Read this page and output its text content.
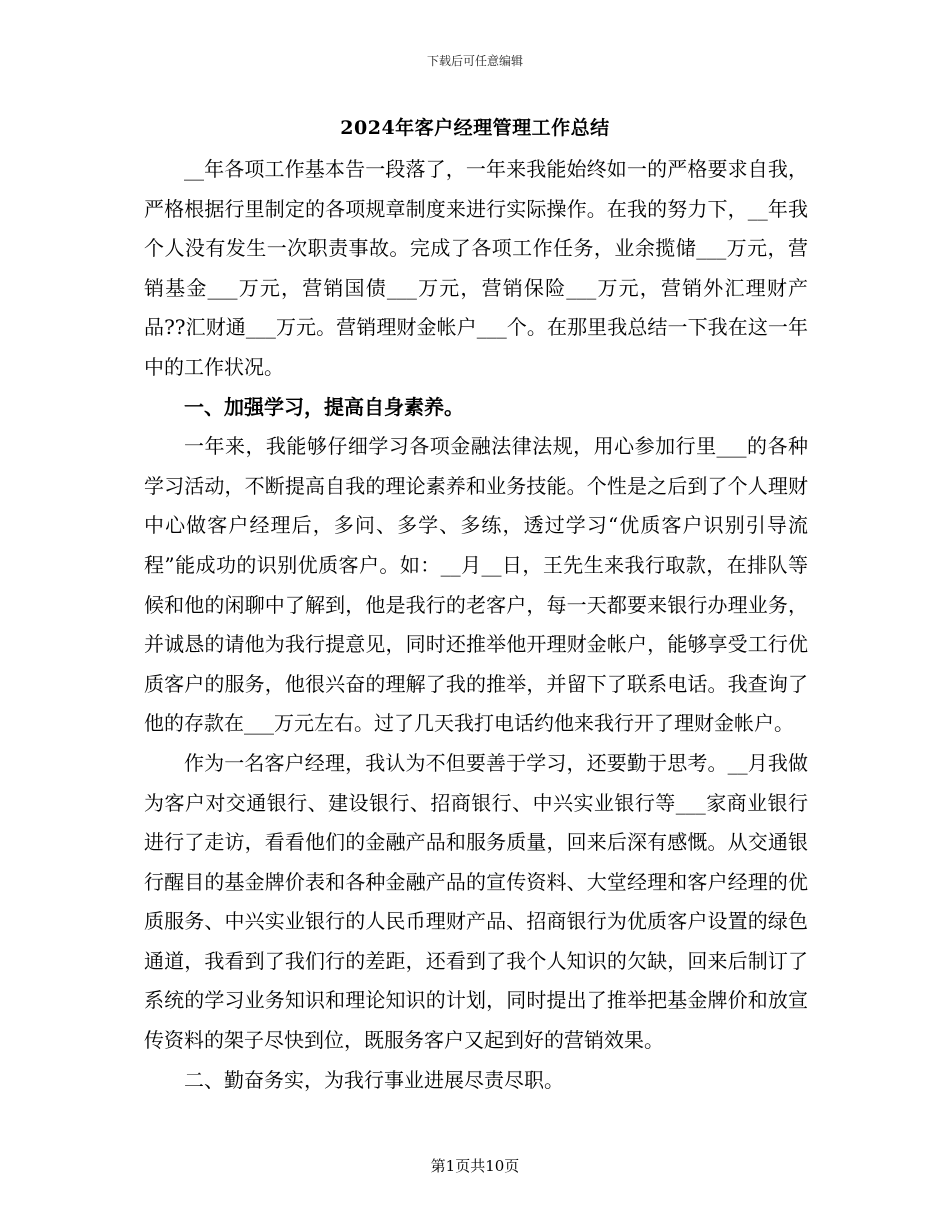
下载后可任意编辑
2024年客户经理管理工作总结

__年各项工作基本告一段落了，一年来我能始终如一的严格要求自我，严格根据行里制定的各项规章制度来进行实际操作。在我的努力下，__年我个人没有发生一次职责事故。完成了各项工作任务，业余揽储___万元，营销基金___万元，营销国债___万元，营销保险___万元，营销外汇理财产品??汇财通___万元。营销理财金帐户___个。在那里我总结一下我在这一年中的工作状况。

一、加强学习，提高自身素养。

一年来，我能够仔细学习各项金融法律法规，用心参加行里___的各种学习活动，不断提高自我的理论素养和业务技能。个性是之后到了个人理财中心做客户经理后，多问、多学、多练，透过学习“优质客户识别引导流程”能成功的识别优质客户。如：__月__日，王先生来我行取款，在排队等候和他的闲聊中了解到，他是我行的老客户，每一天都要来银行办理业务，并诚恳的请他为我行提意见，同时还推举他开理财金帐户，能够享受工行优质客户的服务，他很兴奋的理解了我的推举，并留下了联系电话。我查询了他的存款在___万元左右。过了几天我打电话约他来我行开了理财金帐户。

作为一名客户经理，我认为不但要善于学习，还要勤于思考。__月我做为客户对交通银行、建设银行、招商银行、中兴实业银行等___家商业银行进行了走访，看看他们的金融产品和服务质量，回来后深有感慨。从交通银行醒目的基金牌价表和各种金融产品的宣传资料、大堂经理和客户经理的优质服务、中兴实业银行的人民币理财产品、招商银行为优质客户设置的绿色通道，我看到了我们行的差距，还看到了我个人知识的欠缺，回来后制订了系统的学习业务知识和理论知识的计划，同时提出了推举把基金牌价和放宣传资料的架子尽快到位，既服务客户又起到好的营销效果。

二、勤奋务实，为我行事业进展尽责尽职。

第1页共10页
